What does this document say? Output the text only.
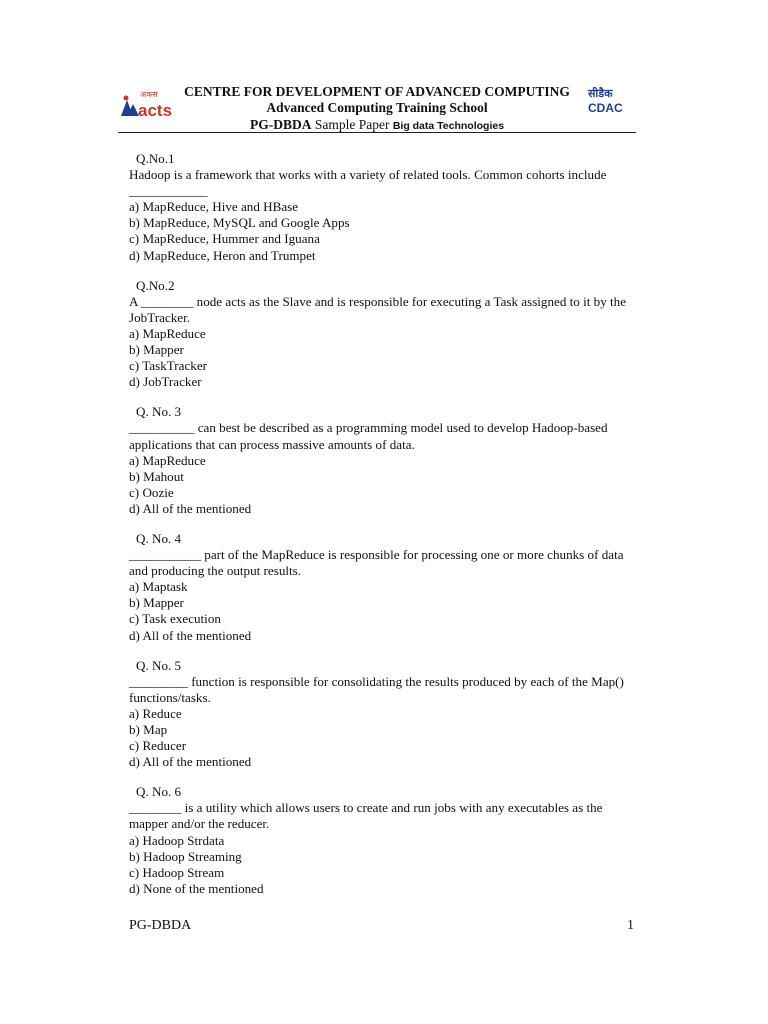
अंकस
acts
CENTRE FOR DEVELOPMENT OF ADVANCED COMPUTING
Advanced Computing Training School
PG-DBDA Sample Paper Big data Technologies
सीडैक
CDAC
Q.No.1
Hadoop is a framework that works with a variety of related tools. Common cohorts include ____________
a) MapReduce, Hive and HBase
b) MapReduce, MySQL and Google Apps
c) MapReduce, Hummer and Iguana
d) MapReduce, Heron and Trumpet
Q.No.2
A ________ node acts as the Slave and is responsible for executing a Task assigned to it by the JobTracker.
a) MapReduce
b) Mapper
c) TaskTracker
d) JobTracker
Q. No. 3
__________ can best be described as a programming model used to develop Hadoop-based applications that can process massive amounts of data.
a) MapReduce
b) Mahout
c) Oozie
d) All of the mentioned
Q. No. 4
___________ part of the MapReduce is responsible for processing one or more chunks of data and producing the output results.
a) Maptask
b) Mapper
c) Task execution
d) All of the mentioned
Q. No. 5
_________ function is responsible for consolidating the results produced by each of the Map() functions/tasks.
a) Reduce
b) Map
c) Reducer
d) All of the mentioned
Q. No. 6
________ is a utility which allows users to create and run jobs with any executables as the mapper and/or the reducer.
a) Hadoop Strdata
b) Hadoop Streaming
c) Hadoop Stream
d) None of the mentioned
PG-DBDA	1
